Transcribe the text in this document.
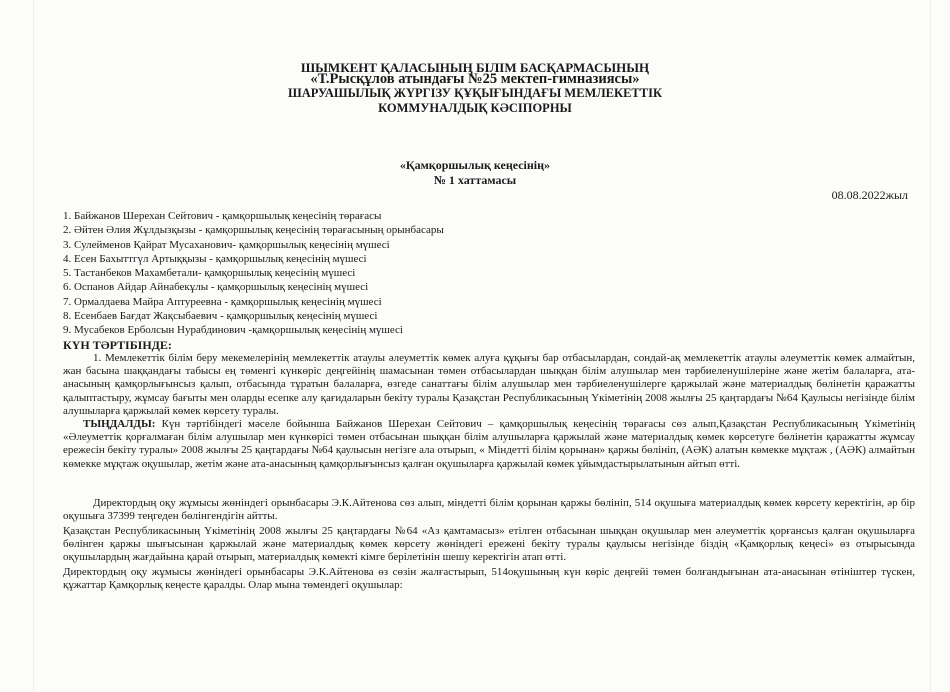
ШЫМКЕНТ ҚАЛАСЫНЫҢ БІЛІМ БАСҚАРМАСЫНЫҢ
«Т.Рысқұлов атындағы №25 мектеп-гимназиясы»
ШАРУАШЫЛЫҚ ЖҮРГІЗУ ҚҰҚЫҒЫНДАҒЫ МЕМЛЕКЕТТІК
КОММУНАЛДЫҚ КӘСІПОРНЫ
«Қамқоршылық кеңесінің»
№ 1 хаттамасы
08.08.2022жыл
1. Байжанов Шерехан Сейтович - қамқоршылық кеңесінің төрағасы
2. Әйтен Әлия Жұлдызқызы - қамқоршылық кеңесінің төрағасының орынбасары
3. Сулейменов Қайрат Мусаханович- қамқоршылық кеңесінің мүшесі
4. Есен Бахыттгүл Артыққызы - қамқоршылық кеңесінің мүшесі
5. Тастанбеков Махамбетали- қамқоршылық кеңесінің мүшесі
6. Оспанов Айдар Айнабекұлы - қамқоршылық кеңесінің мүшесі
7. Ормалдаева Майра Аптуреевна - қамқоршылық кеңесінің мүшесі
8. Есенбаев Бағдат Жақсыбаевич - қамқоршылық кеңесінің мүшесі
9. Мусабеков Ерболсын Нурабдинович -қамқоршылық кеңесінің мүшесі
КҮН ТӘРТІБІНДЕ:

1. Мемлекеттік білім беру мекемелерінің мемлекеттік атаулы әлеуметтік көмек алуға құқығы бар отбасылардан, сондай-ақ мемлекеттік атаулы әлеуметтік көмек алмайтын, жан басына шаққандағы табысы ең төменгі күнкөріс деңгейінің шамасынан төмен отбасылардан шыққан білім алушылар мен тәрбиеленушілеріне және жетім балаларға, ата-анасының қамқорлығынсыз қалып, отбасында тұратын балаларға, өзгеде санаттағы білім алушылар мен тәрбиеленушілерге қаржылай және материалдық бөлінетін қаражатты қалыптастыру, жұмсау бағыты мен оларды есепке алу қағидаларын бекіту туралы Қазақстан Республикасының Үкіметінің 2008 жылғы 25 қаңтардағы №64 Қаулысы негізінде білім алушыларға қаржылай көмек көрсету туралы.

ТЫҢДАЛДЫ: Күн тәртібіндегі мәселе бойынша Байжанов Шерехан Сейтович – қамқоршылық кеңесінің төрағасы сөз алып,Қазақстан Республикасының Үкіметінің «Әлеуметтік қорғалмаған білім алушылар мен күнкөрісі төмен отбасынан шыққан білім алушыларға қаржылай және материалдық көмек көрсетуге бөлінетін қаражатты жұмсау ережесін бекіту туралы» 2008 жылғы 25 қаңтардағы №64 қаулысын негізге ала отырып, « Міндетті білім қорынан» қаржы бөлініп, (АӘК) алатын көмекке мұқтаж , (АӘК) алмайтын көмекке мұқтаж оқушылар, жетім және ата-анасының қамқорлығынсыз қалған оқушыларға қаржылай көмек ұйымдастырылатынын айтып өтті.

Директордың оқу жұмысы жөніндегі орынбасары Э.К.Айтенова сөз алып, міндетті білім қорынан қаржы бөлініп, 514 оқушыға материалдық көмек көрсету керектігін, әр бір оқушыға 37399 теңгеден бөлінгендігін айтты.

Қазақстан Республикасының Үкіметінің 2008 жылғы 25 қаңтардағы №64 «Аз қамтамасыз» етілген отбасынан шыққан оқушылар мен әлеуметтік қорғансыз қалған оқушыларға бөлінген қаржы шығысынан қаржылай және материалдық көмек көрсету жөніндегі ережені бекіту туралы қаулысы негізінде біздің «Қамқорлық кеңесі» өз отырысында оқушылардың жағдайына қарай отырып, материалдық көмекті кімге берілетінін шешу керектігін атап өтті.

Директордың оқу жұмысы жөніндегі орынбасары Э.К.Айтенова өз сөзін жалғастырып, 514оқушының күн көріс деңгейі төмен болғандығынан ата-анасынан өтініштер түскен, құжаттар Қамқорлық кеңесте қаралды. Олар мына төмендегі оқушылар:
